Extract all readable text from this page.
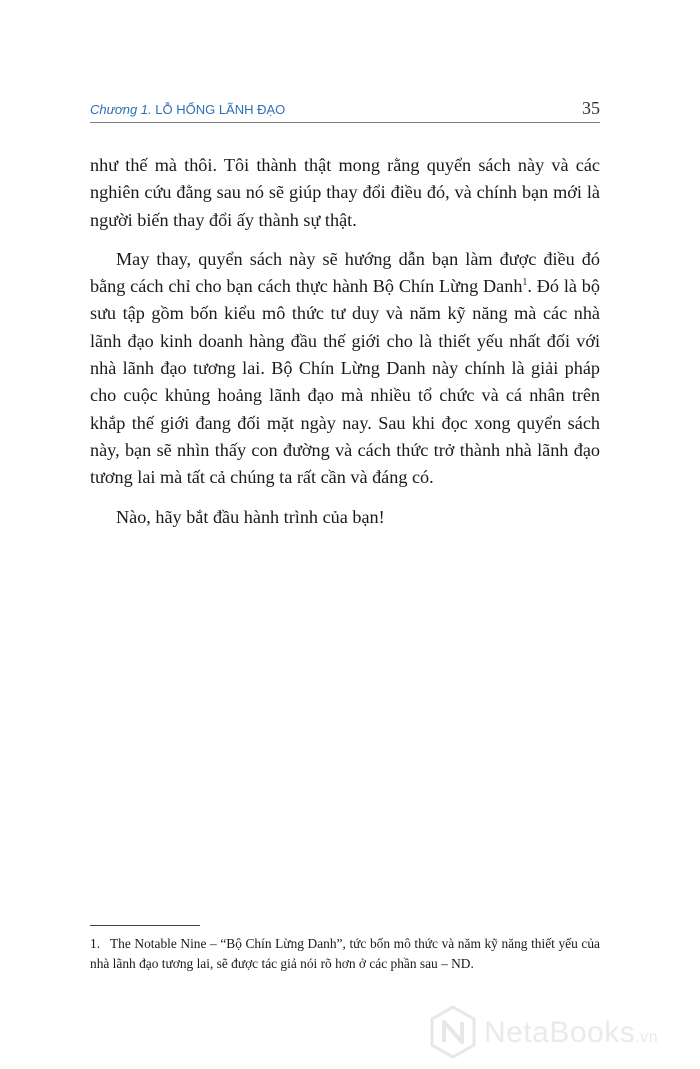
Chương 1. LỖ HỔNG LÃNH ĐẠO	35

như thế mà thôi. Tôi thành thật mong rằng quyển sách này và các nghiên cứu đằng sau nó sẽ giúp thay đổi điều đó, và chính bạn mới là người biến thay đổi ấy thành sự thật.

May thay, quyển sách này sẽ hướng dẫn bạn làm được điều đó bằng cách chỉ cho bạn cách thực hành Bộ Chín Lừng Danh$^1$. Đó là bộ sưu tập gồm bốn kiểu mô thức tư duy và năm kỹ năng mà các nhà lãnh đạo kinh doanh hàng đầu thế giới cho là thiết yếu nhất đối với nhà lãnh đạo tương lai. Bộ Chín Lừng Danh này chính là giải pháp cho cuộc khủng hoảng lãnh đạo mà nhiều tổ chức và cá nhân trên khắp thế giới đang đối mặt ngày nay. Sau khi đọc xong quyển sách này, bạn sẽ nhìn thấy con đường và cách thức trở thành nhà lãnh đạo tương lai mà tất cả chúng ta rất cần và đáng có.

Nào, hãy bắt đầu hành trình của bạn!

1. The Notable Nine – “Bộ Chín Lừng Danh”, tức bốn mô thức và năm kỹ năng thiết yếu của nhà lãnh đạo tương lai, sẽ được tác giả nói rõ hơn ở các phần sau – ND.
NetaBooks.vn
